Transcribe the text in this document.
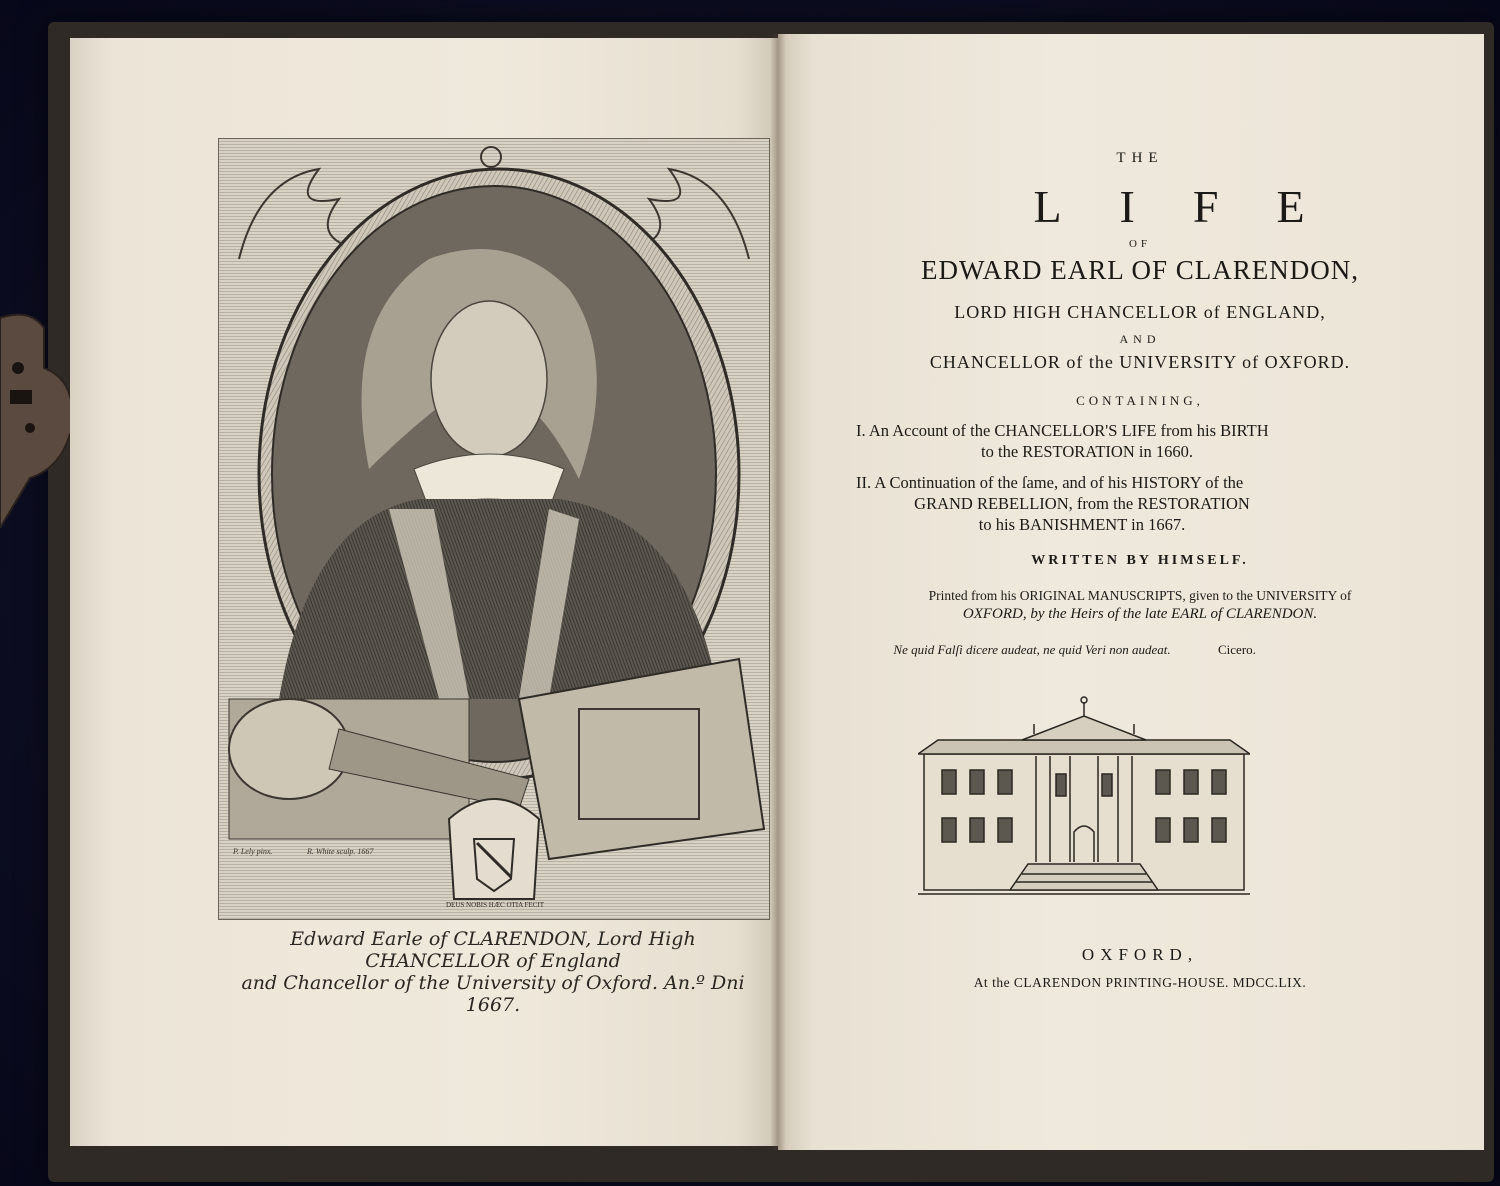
P. Lely pinx.	R. White sculp. 1667
DEUS NOBIS HÆC OTIA FECIT
Edward Earle of CLARENDON, Lord High CHANCELLOR of England
and Chancellor of the University of Oxford. An.º Dni 1667.
THE
LIFE
OF
EDWARD EARL OF CLARENDON,
LORD HIGH CHANCELLOR of ENGLAND,
AND
CHANCELLOR of the UNIVERSITY of OXFORD.
CONTAINING,
I. An Account of the CHANCELLOR'S LIFE from his BIRTH
to the RESTORATION in 1660.
II. A Continuation of the ſame, and of his HISTORY of the
GRAND REBELLION, from the RESTORATION
to his BANISHMENT in 1667.
WRITTEN BY HIMSELF.
Printed from his ORIGINAL MANUSCRIPTS, given to the UNIVERSITY of
OXFORD, by the Heirs of the late EARL of CLARENDON.
Ne quid Falſi dicere audeat, ne quid Veri non audeat.	Cicero.
OXFORD,
At the CLARENDON PRINTING-HOUSE. MDCC.LIX.
